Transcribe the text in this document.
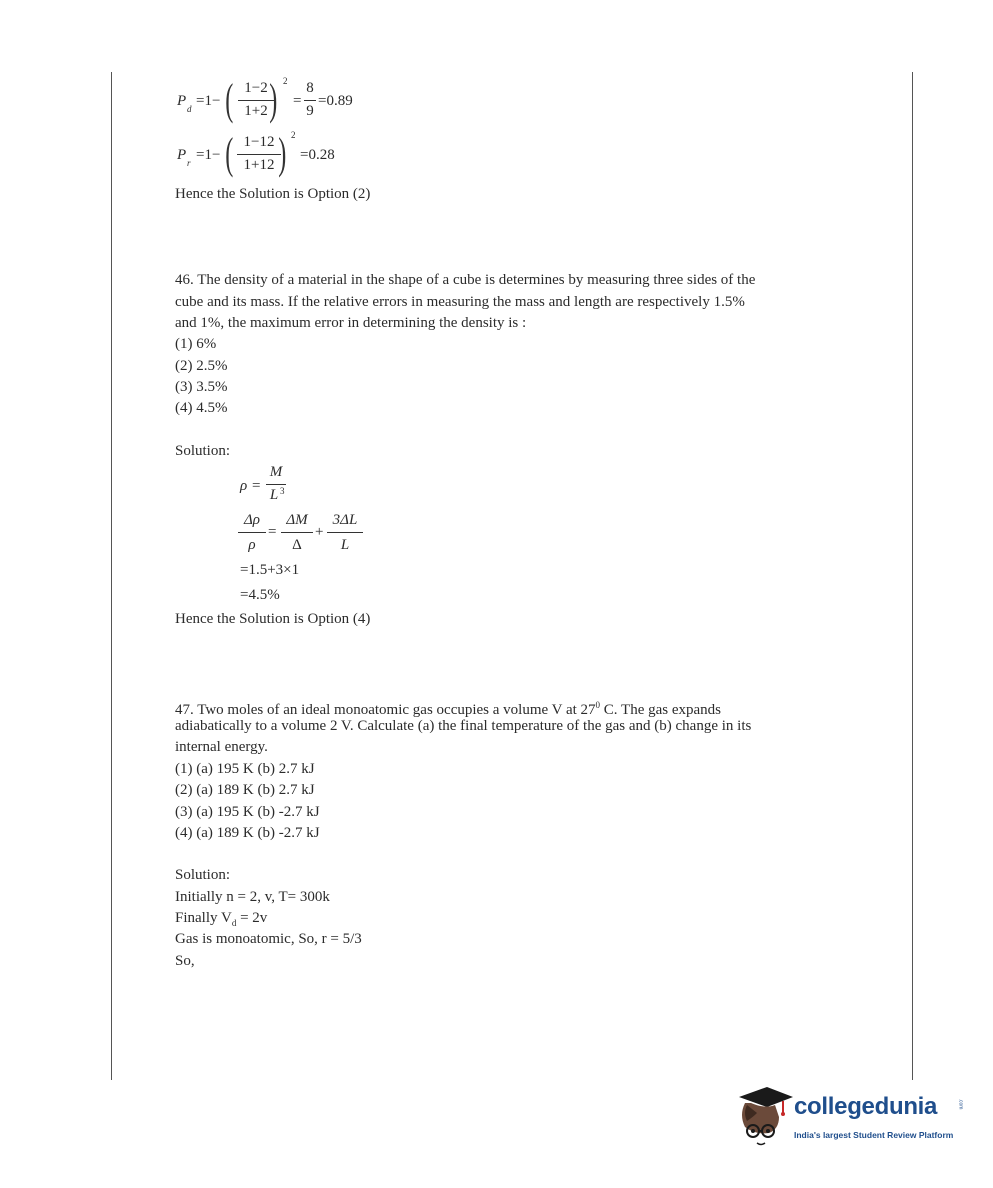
P d =1− ( 1−2
1+2 ) 2
=
8
9
=0.89
P r =1− ( 1−12
1+12 ) 2
=0.28
Hence the Solution is Option (2)
46. The density of a material in the shape of a cube is determines by measuring three sides of the
cube and its mass. If the relative errors in measuring the mass and length are respectively 1.5%
and 1%, the maximum error in determining the density is :
(1) 6%
(2) 2.5%
(3) 3.5%
(4) 4.5%
Solution:
ρ =
M
L 3
Δρ
ρ
=
ΔM
Δ
+
3ΔL
L
=1.5+3×1
=4.5%
Hence the Solution is Option (4)
47. Two moles of an ideal monoatomic gas occupies a volume V at $27^0$ C. The gas expands
adiabatically to a volume 2 V. Calculate (a) the final temperature of the gas and (b) change in its
internal energy.
(1) (a) 195 K (b) 2.7 kJ
(2) (a) 189 K (b) 2.7 kJ
(3) (a) 195 K (b) -2.7 kJ
(4) (a) 189 K (b) -2.7 kJ
Solution:
Initially n = 2, v, T= 300k
Finally $V_d = 2v$
Gas is monoatomic, So, r = 5/3
So,
collegedunia	.com
India's largest Student Review Platform
